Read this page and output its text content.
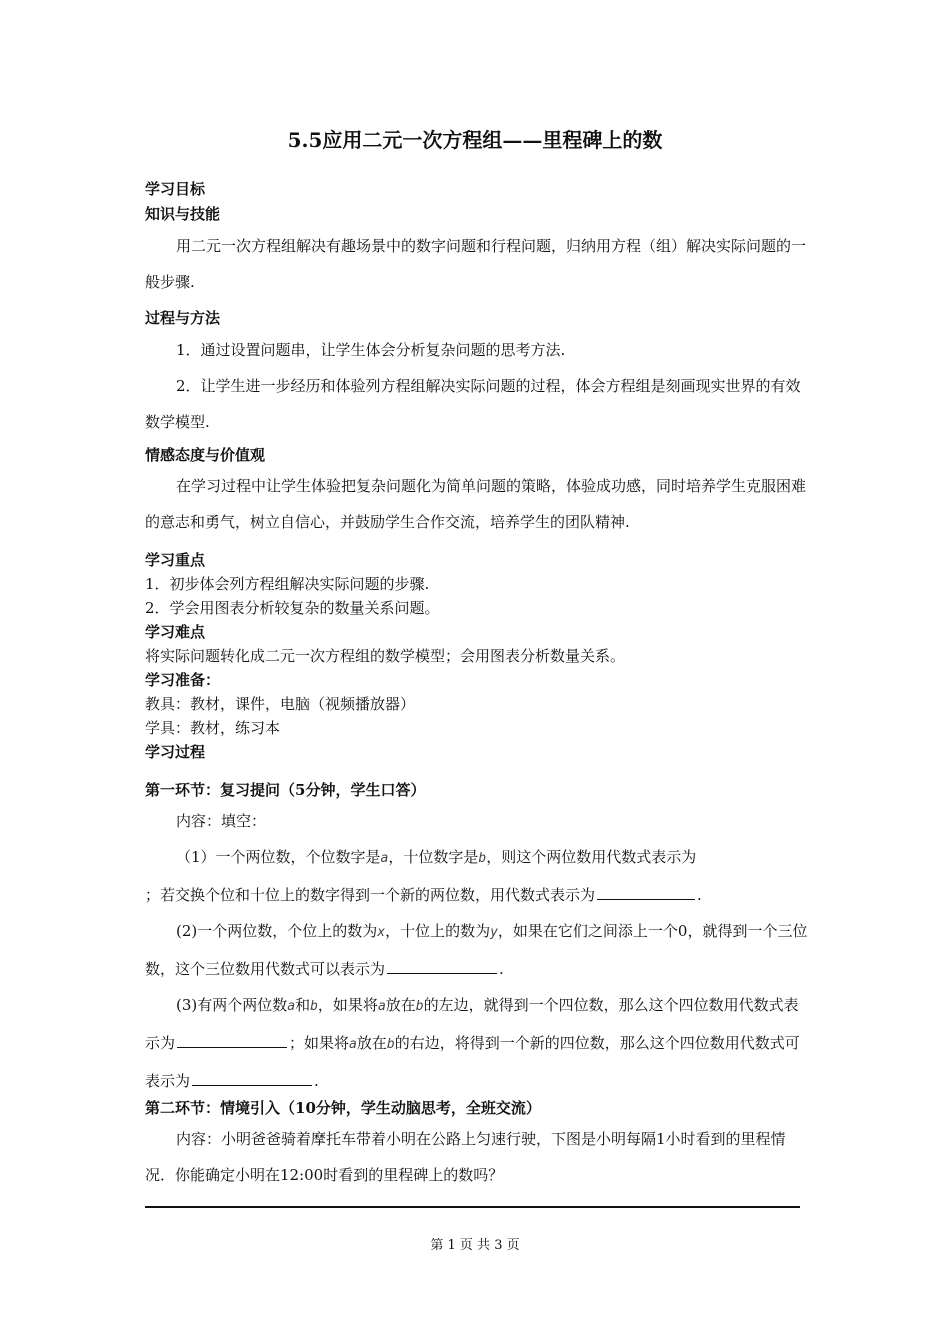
5.5应用二元一次方程组——里程碑上的数
学习目标
知识与技能
用二元一次方程组解决有趣场景中的数字问题和行程问题，归纳用方程（组）解决实际问题的一般步骤.
过程与方法
1．通过设置问题串，让学生体会分析复杂问题的思考方法.
2．让学生进一步经历和体验列方程组解决实际问题的过程，体会方程组是刻画现实世界的有效数学模型.
情感态度与价值观
在学习过程中让学生体验把复杂问题化为简单问题的策略，体验成功感，同时培养学生克服困难的意志和勇气，树立自信心，并鼓励学生合作交流，培养学生的团队精神.
学习重点
1．初步体会列方程组解决实际问题的步骤.
2．学会用图表分析较复杂的数量关系问题。
学习难点
将实际问题转化成二元一次方程组的数学模型；会用图表分析数量关系。
学习准备：
教具：教材，课件，电脑（视频播放器）
学具：教材，练习本
学习过程
第一环节：复习提问（5分钟，学生口答）
内容：填空：
（1）一个两位数，个位数字是a，十位数字是b，则这个两位数用代数式表示为
；若交换个位和十位上的数字得到一个新的两位数，用代数式表示为	.
(2)一个两位数，个位上的数为x，十位上的数为y，如果在它们之间添上一个0，就得到一个三位数，这个三位数用代数式可以表示为	.
(3)有两个两位数a和b，如果将a放在b的左边，就得到一个四位数，那么这个四位数用代数式表示为	；如果将a放在b的右边，将得到一个新的四位数，那么这个四位数用代数式可表示为	.
第二环节：情境引入（10分钟，学生动脑思考，全班交流）
内容：小明爸爸骑着摩托车带着小明在公路上匀速行驶，下图是小明每隔1小时看到的里程情况．你能确定小明在12:00时看到的里程碑上的数吗？
第 1 页 共 3 页
